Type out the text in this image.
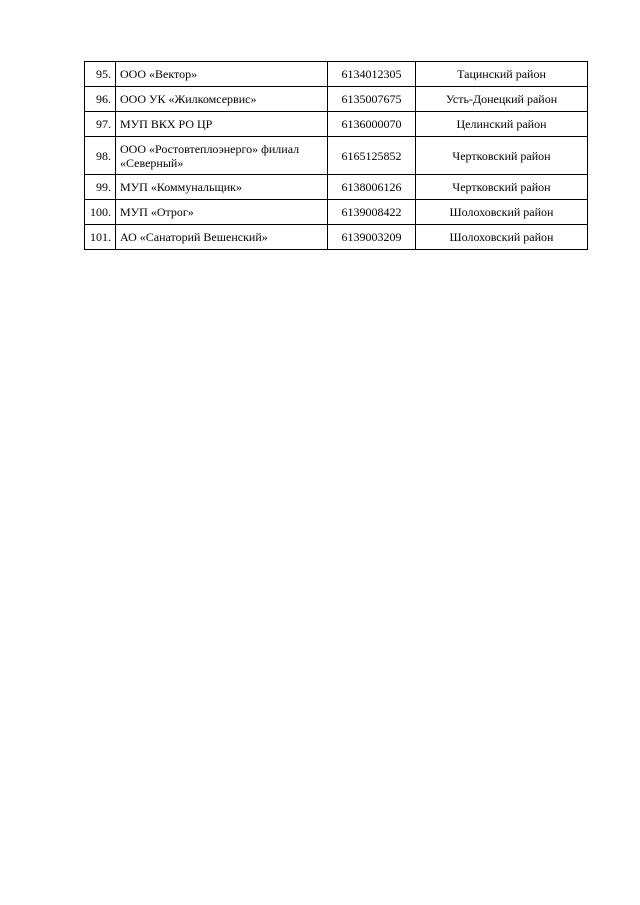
95.	ООО «Вектор»	6134012305	Тацинский район
96.	ООО УК «Жилкомсервис»	6135007675	Усть-Донецкий район
97.	МУП ВКХ РО ЦР	6136000070	Целинский район
98.	ООО «Ростовтеплоэнерго» филиал «Северный»	6165125852	Чертковский район
99.	МУП «Коммунальщик»	6138006126	Чертковский район
100.	МУП «Отрог»	6139008422	Шолоховский район
101.	АО «Санаторий Вешенский»	6139003209	Шолоховский район
